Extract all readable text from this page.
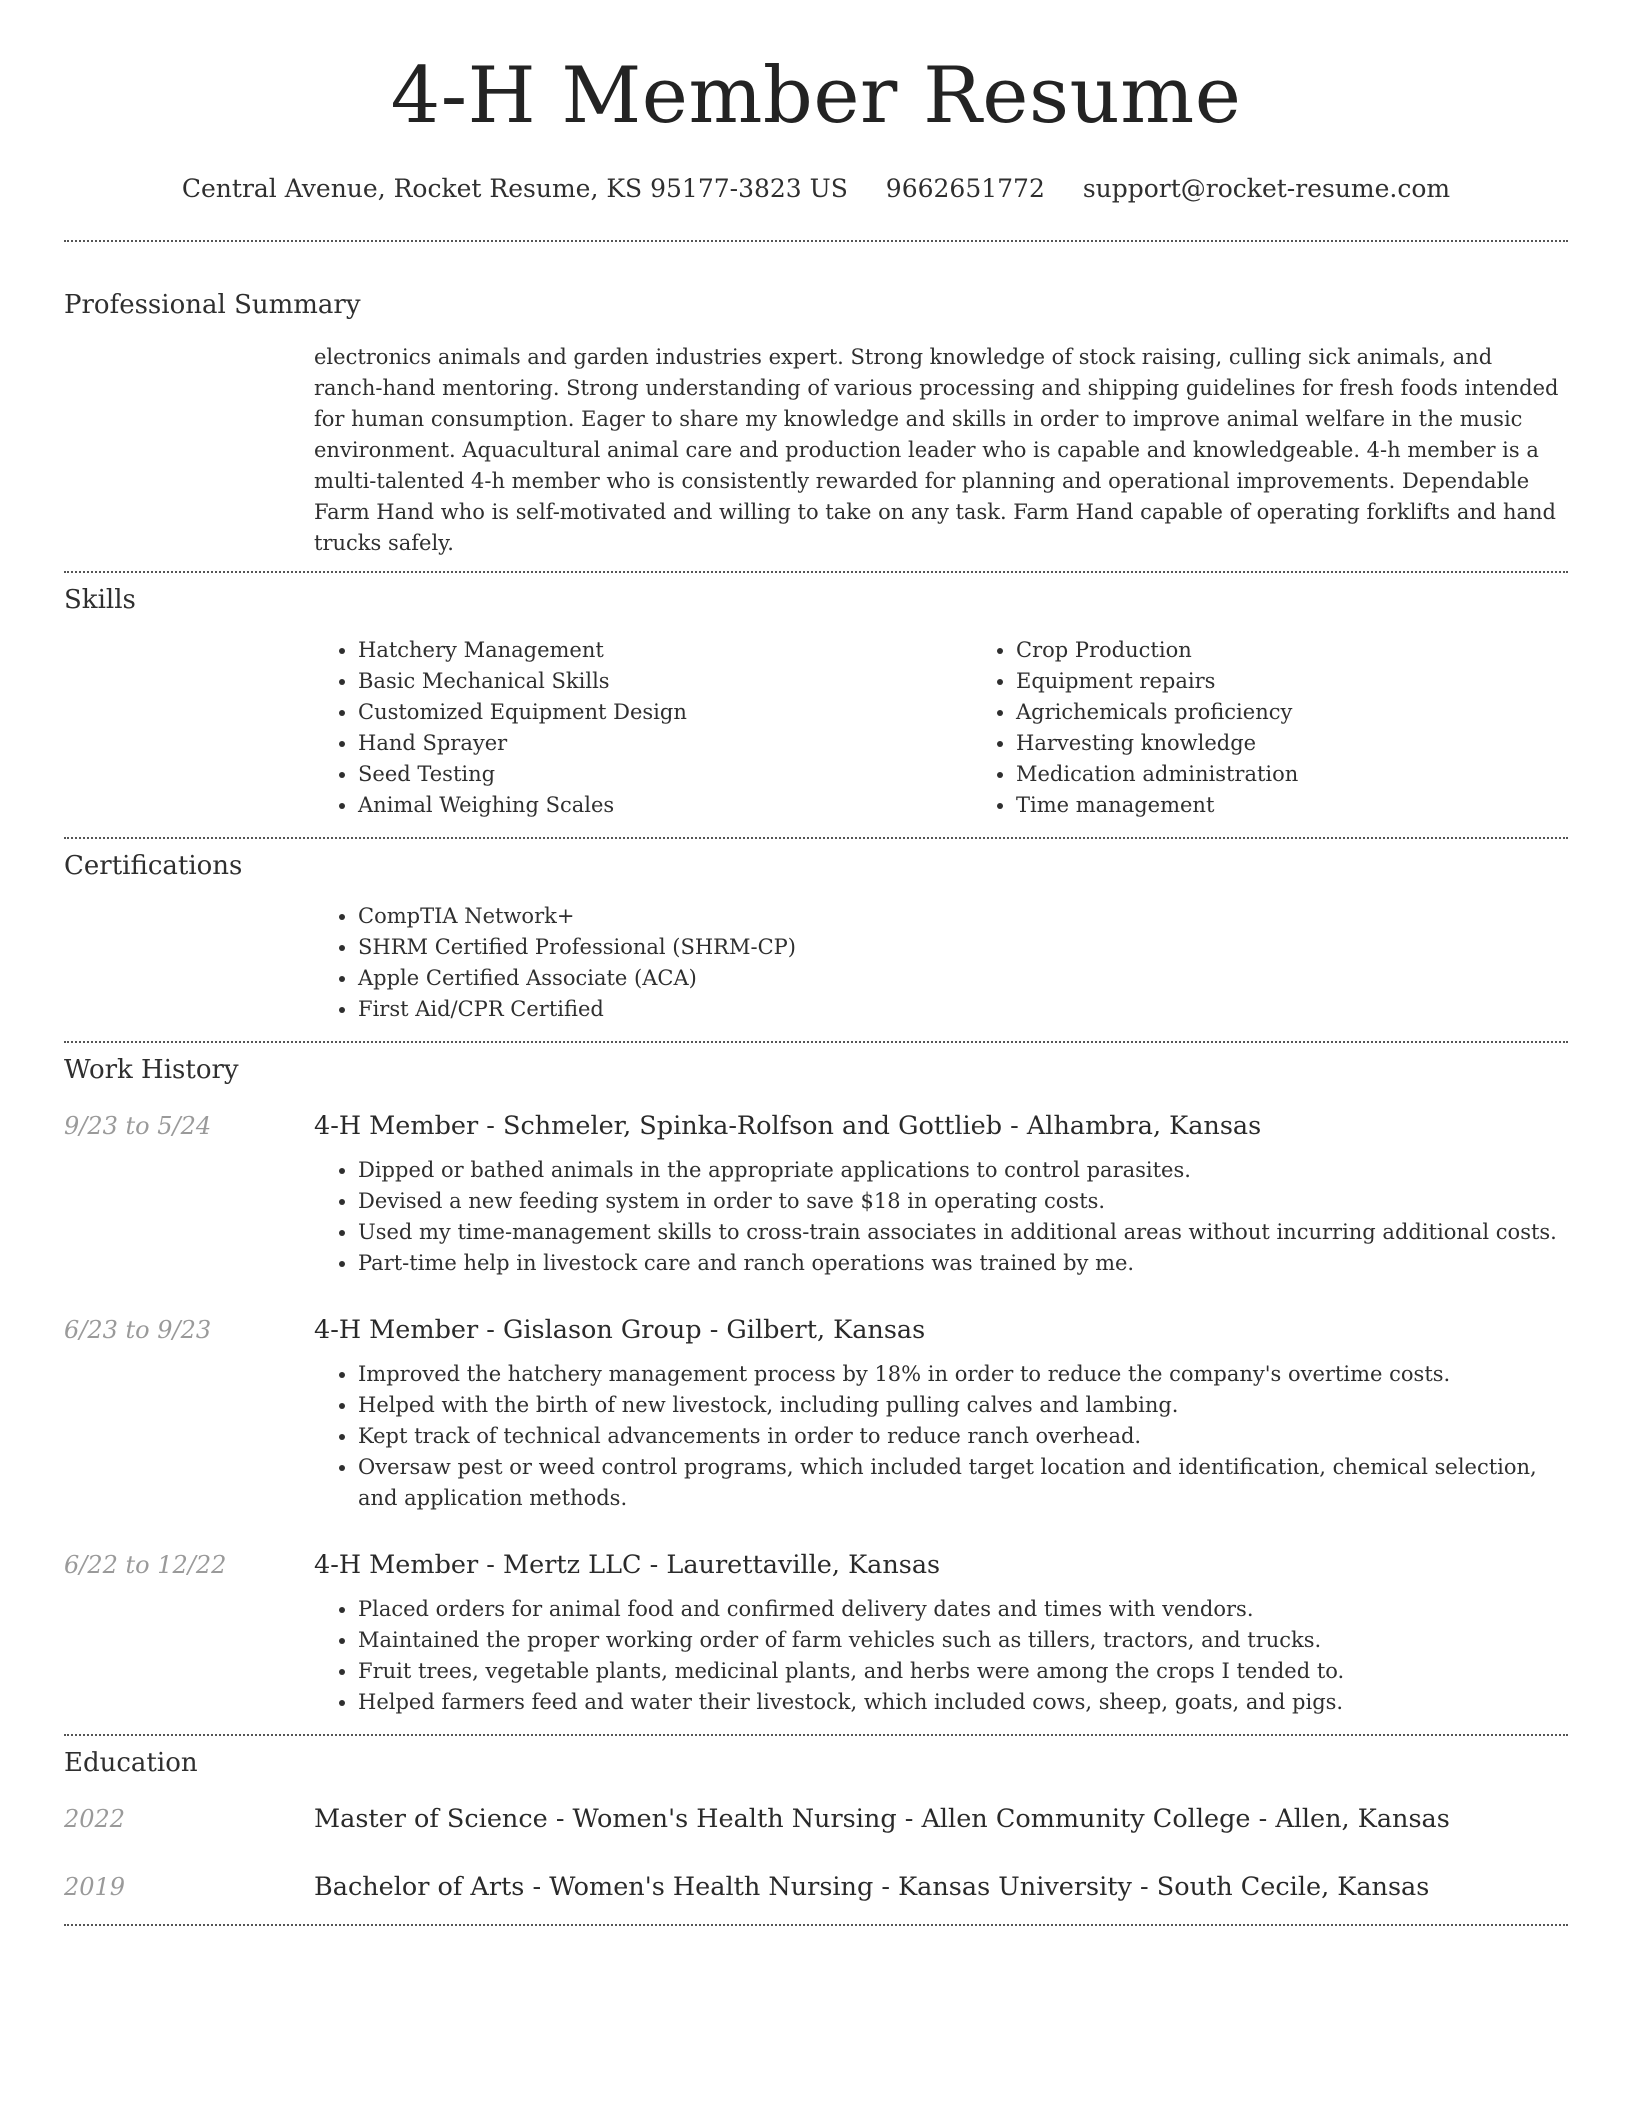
4-H Member Resume
Central Avenue, Rocket Resume, KS 95177-3823 US 9662651772 support@rocket-resume.com
Professional Summary

electronics animals and garden industries expert. Strong knowledge of stock raising, culling sick animals, and ranch-hand mentoring. Strong understanding of various processing and shipping guidelines for fresh foods intended for human consumption. Eager to share my knowledge and skills in order to improve animal welfare in the music environment. Aquacultural animal care and production leader who is capable and knowledgeable. 4-h member is a multi-talented 4-h member who is consistently rewarded for planning and operational improvements. Dependable Farm Hand who is self-motivated and willing to take on any task. Farm Hand capable of operating forklifts and hand trucks safely.

Skills
• Hatchery Management
• Basic Mechanical Skills
• Customized Equipment Design
• Hand Sprayer
• Seed Testing
• Animal Weighing Scales
• Crop Production
• Equipment repairs
• Agrichemicals proficiency
• Harvesting knowledge
• Medication administration
• Time management
Certifications
• CompTIA Network+
• SHRM Certified Professional (SHRM-CP)
• Apple Certified Associate (ACA)
• First Aid/CPR Certified
Work History
9/23 to 5/24	4-H Member - Schmeler, Spinka-Rolfson and Gottlieb - Alhambra, Kansas
• Dipped or bathed animals in the appropriate applications to control parasites.
• Devised a new feeding system in order to save $18 in operating costs.
• Used my time-management skills to cross-train associates in additional areas without incurring additional costs.
• Part-time help in livestock care and ranch operations was trained by me.
6/23 to 9/23	4-H Member - Gislason Group - Gilbert, Kansas
• Improved the hatchery management process by 18% in order to reduce the company's overtime costs.
• Helped with the birth of new livestock, including pulling calves and lambing.
• Kept track of technical advancements in order to reduce ranch overhead.
• Oversaw pest or weed control programs, which included target location and identification, chemical selection, and application methods.
6/22 to 12/22	4-H Member - Mertz LLC - Laurettaville, Kansas
• Placed orders for animal food and confirmed delivery dates and times with vendors.
• Maintained the proper working order of farm vehicles such as tillers, tractors, and trucks.
• Fruit trees, vegetable plants, medicinal plants, and herbs were among the crops I tended to.
• Helped farmers feed and water their livestock, which included cows, sheep, goats, and pigs.
Education
2022	Master of Science - Women's Health Nursing - Allen Community College - Allen, Kansas
2019	Bachelor of Arts - Women's Health Nursing - Kansas University - South Cecile, Kansas
